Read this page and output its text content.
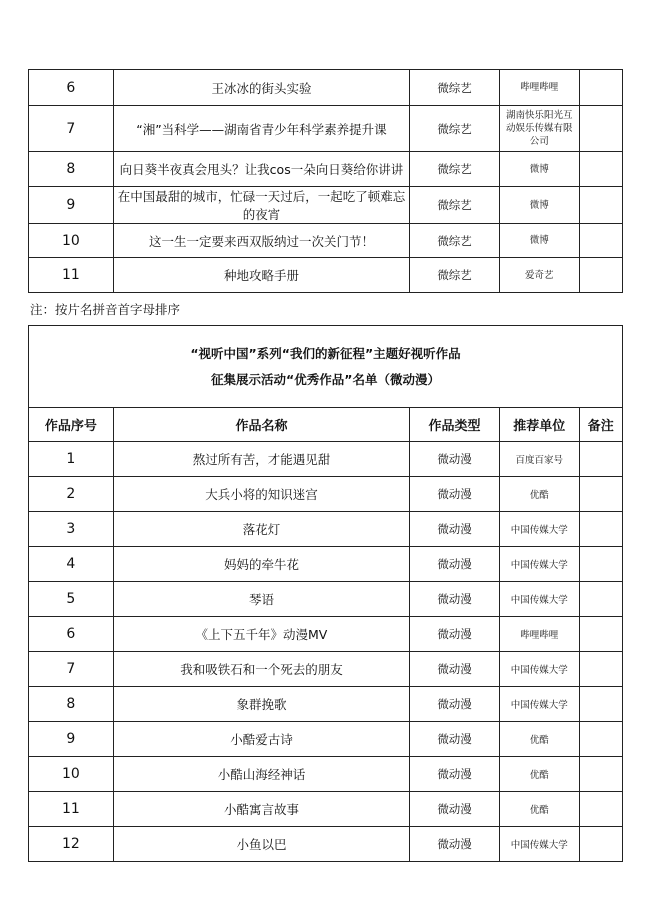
6	王冰冰的街头实验	微综艺	哔哩哔哩	
7	“湘”当科学——湖南省青少年科学素养提升课	微综艺	湖南快乐阳光互动娱乐传媒有限公司	
8	向日葵半夜真会甩头？让我cos一朵向日葵给你讲讲	微综艺	微博	
9	在中国最甜的城市，忙碌一天过后，一起吃了顿难忘的夜宵	微综艺	微博	
10	这一生一定要来西双版纳过一次关门节！	微综艺	微博	
11	种地攻略手册	微综艺	爱奇艺	
注：按片名拼音首字母排序
“视听中国”系列“我们的新征程”主题好视听作品
征集展示活动“优秀作品”名单（微动漫）				

作品序号	作品名称	作品类型	推荐单位	备注
1	熬过所有苦，才能遇见甜	微动漫	百度百家号	
2	大兵小将的知识迷宫	微动漫	优酷	
3	落花灯	微动漫	中国传媒大学	
4	妈妈的牵牛花	微动漫	中国传媒大学	
5	琴语	微动漫	中国传媒大学	
6	《上下五千年》动漫MV	微动漫	哔哩哔哩	
7	我和吸铁石和一个死去的朋友	微动漫	中国传媒大学	
8	象群挽歌	微动漫	中国传媒大学	
9	小酷爱古诗	微动漫	优酷	
10	小酷山海经神话	微动漫	优酷	
11	小酷寓言故事	微动漫	优酷	
12	小鱼以巴	微动漫	中国传媒大学	
